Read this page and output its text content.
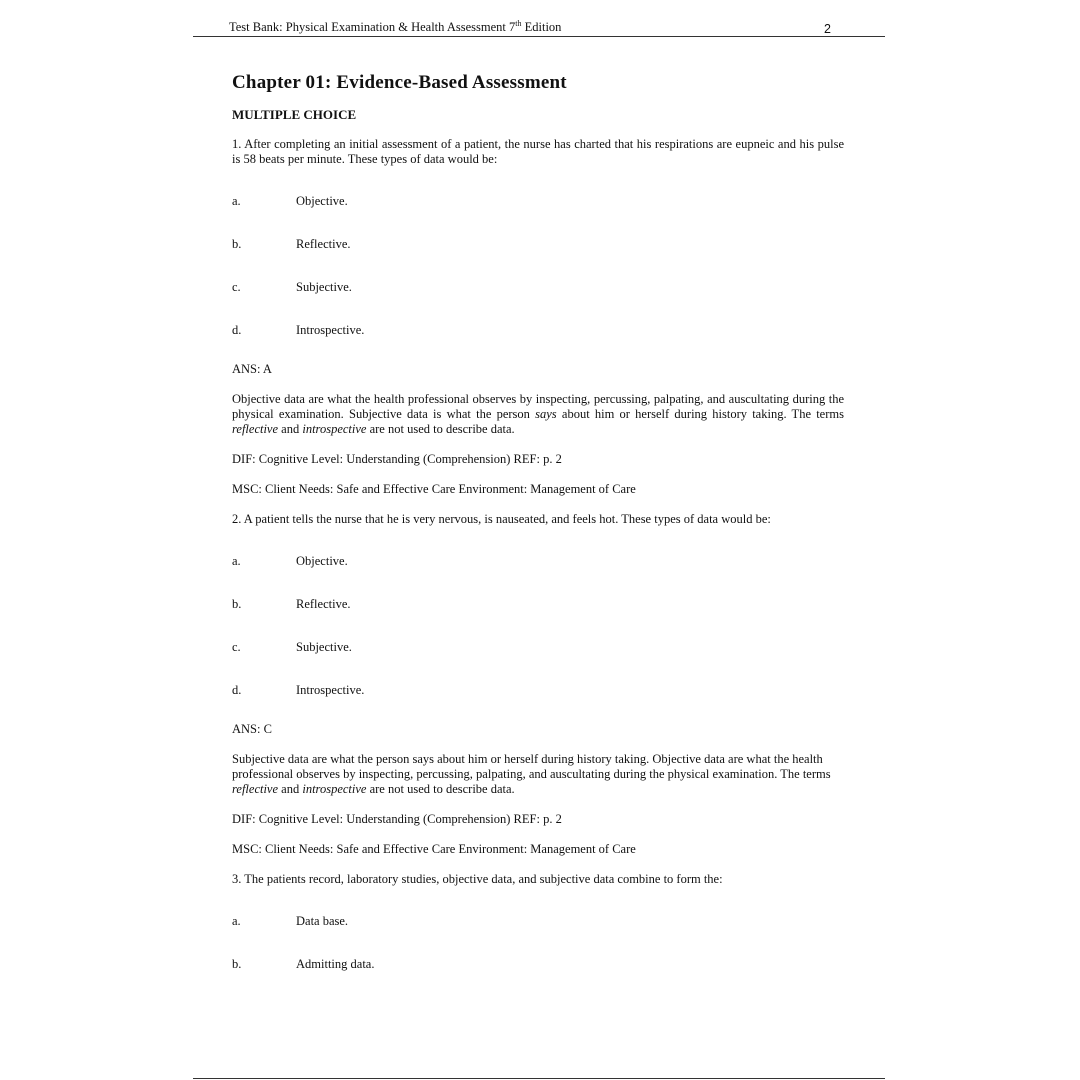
Test Bank: Physical Examination & Health Assessment 7th Edition	2
Chapter 01: Evidence-Based Assessment
MULTIPLE CHOICE

1. After completing an initial assessment of a patient, the nurse has charted that his respirations are eupneic and his pulse is 58 beats per minute. These types of data would be:

a.	Objective.
b.	Reflective.
c.	Subjective.
d.	Introspective.

ANS: A

Objective data are what the health professional observes by inspecting, percussing, palpating, and auscultating during the physical examination. Subjective data is what the person says about him or herself during history taking. The terms reflective and introspective are not used to describe data.

DIF: Cognitive Level: Understanding (Comprehension) REF: p. 2

MSC: Client Needs: Safe and Effective Care Environment: Management of Care

2. A patient tells the nurse that he is very nervous, is nauseated, and feels hot. These types of data would be:

a.	Objective.
b.	Reflective.
c.	Subjective.
d.	Introspective.

ANS: C

Subjective data are what the person says about him or herself during history taking. Objective data are what the health professional observes by inspecting, percussing, palpating, and auscultating during the physical examination. The terms reflective and introspective are not used to describe data.

DIF: Cognitive Level: Understanding (Comprehension) REF: p. 2

MSC: Client Needs: Safe and Effective Care Environment: Management of Care

3. The patients record, laboratory studies, objective data, and subjective data combine to form the:

a.	Data base.
b.	Admitting data.
